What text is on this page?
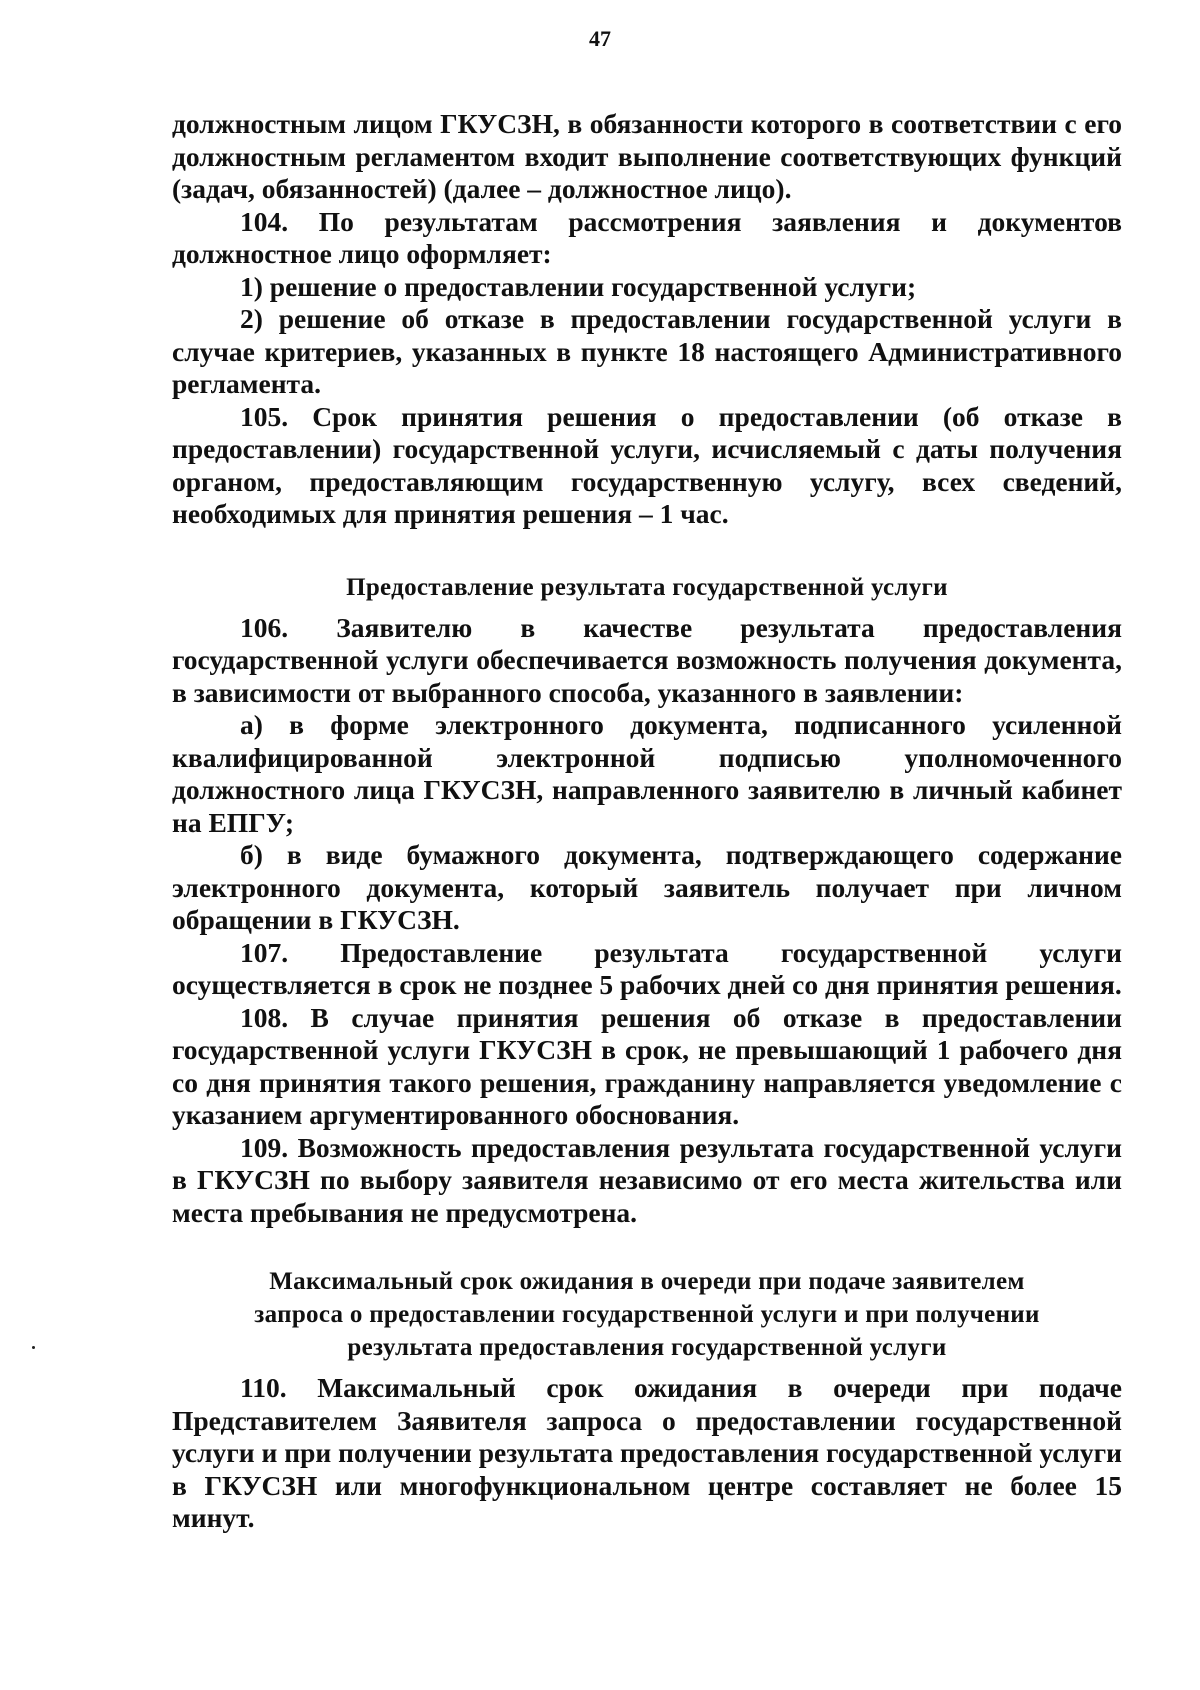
47

должностным лицом ГКУСЗН, в обязанности которого в соответствии с его должностным регламентом входит выполнение соответствующих функций (задач, обязанностей) (далее – должностное лицо).

104. По результатам рассмотрения заявления и документов должностное лицо оформляет:

1) решение о предоставлении государственной услуги;

2) решение об отказе в предоставлении государственной услуги в случае критериев, указанных в пункте 18 настоящего Административного регламента.

105. Срок принятия решения о предоставлении (об отказе в предоставлении) государственной услуги, исчисляемый с даты получения органом, предоставляющим государственную услугу, всех сведений, необходимых для принятия решения – 1 час.

Предоставление результата государственной услуги

106. Заявителю в качестве результата предоставления государственной услуги обеспечивается возможность получения документа, в зависимости от выбранного способа, указанного в заявлении:

а) в форме электронного документа, подписанного усиленной квалифицированной электронной подписью уполномоченного должностного лица ГКУСЗН, направленного заявителю в личный кабинет на ЕПГУ;

б) в виде бумажного документа, подтверждающего содержание электронного документа, который заявитель получает при личном обращении в ГКУСЗН.

107. Предоставление результата государственной услуги осуществляется в срок не позднее 5 рабочих дней со дня принятия решения.

108. В случае принятия решения об отказе в предоставлении государственной услуги ГКУСЗН в срок, не превышающий 1 рабочего дня со дня принятия такого решения, гражданину направляется уведомление с указанием аргументированного обоснования.

109. Возможность предоставления результата государственной услуги в ГКУСЗН по выбору заявителя независимо от его места жительства или места пребывания не предусмотрена.

Максимальный срок ожидания в очереди при подаче заявителем

запроса о предоставлении государственной услуги и при получении

результата предоставления государственной услуги

110. Максимальный срок ожидания в очереди при подаче Представителем Заявителя запроса о предоставлении государственной услуги и при получении результата предоставления государственной услуги в ГКУСЗН или многофункциональном центре составляет не более 15 минут.
